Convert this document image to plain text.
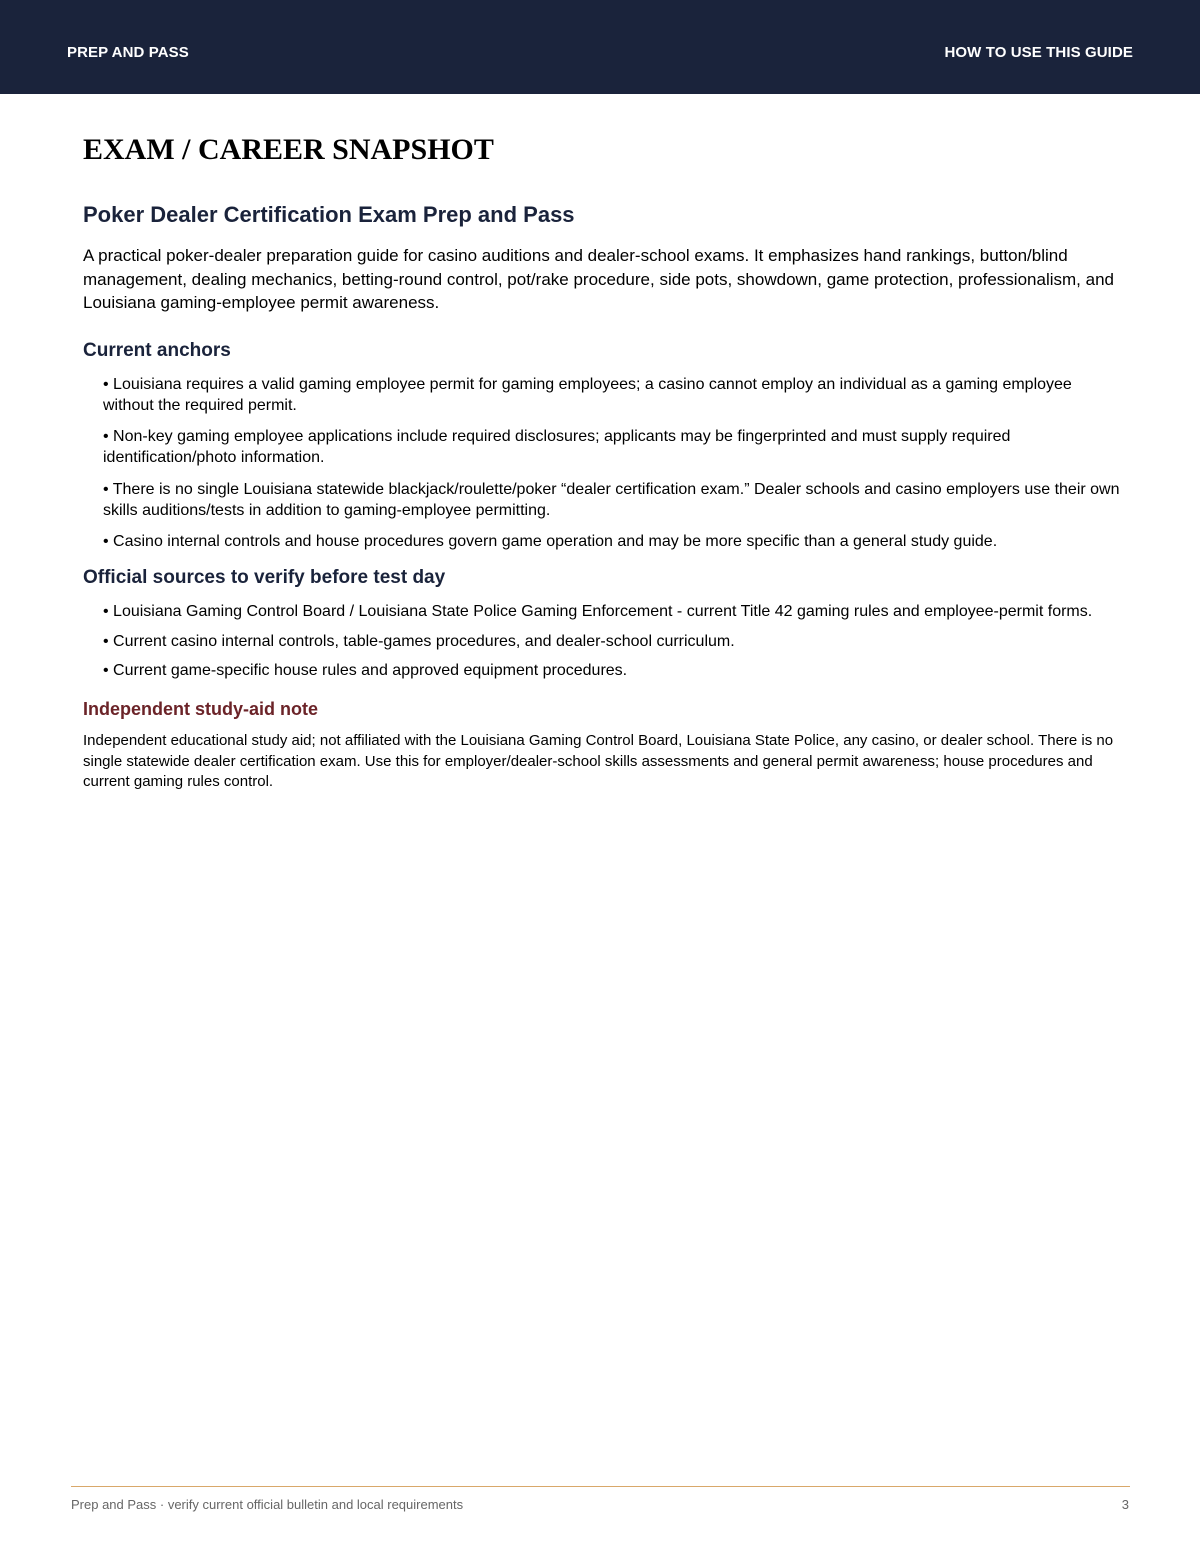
PREP AND PASS	HOW TO USE THIS GUIDE
EXAM / CAREER SNAPSHOT
Poker Dealer Certification Exam Prep and Pass

A practical poker-dealer preparation guide for casino auditions and dealer-school exams. It emphasizes hand rankings, button/blind management, dealing mechanics, betting-round control, pot/rake procedure, side pots, showdown, game protection, professionalism, and Louisiana gaming-employee permit awareness.

Current anchors
• Louisiana requires a valid gaming employee permit for gaming employees; a casino cannot employ an individual as a gaming employee without the required permit.
• Non-key gaming employee applications include required disclosures; applicants may be fingerprinted and must supply required identification/photo information.
• There is no single Louisiana statewide blackjack/roulette/poker “dealer certification exam.” Dealer schools and casino employers use their own skills auditions/tests in addition to gaming-employee permitting.
• Casino internal controls and house procedures govern game operation and may be more specific than a general study guide.
Official sources to verify before test day
• Louisiana Gaming Control Board / Louisiana State Police Gaming Enforcement - current Title 42 gaming rules and employee-permit forms.
• Current casino internal controls, table-games procedures, and dealer-school curriculum.
• Current game-specific house rules and approved equipment procedures.
Independent study-aid note

Independent educational study aid; not affiliated with the Louisiana Gaming Control Board, Louisiana State Police, any casino, or dealer school. There is no single statewide dealer certification exam. Use this for employer/dealer-school skills assessments and general permit awareness; house procedures and current gaming rules control.

Prep and Pass · verify current official bulletin and local requirements	3
